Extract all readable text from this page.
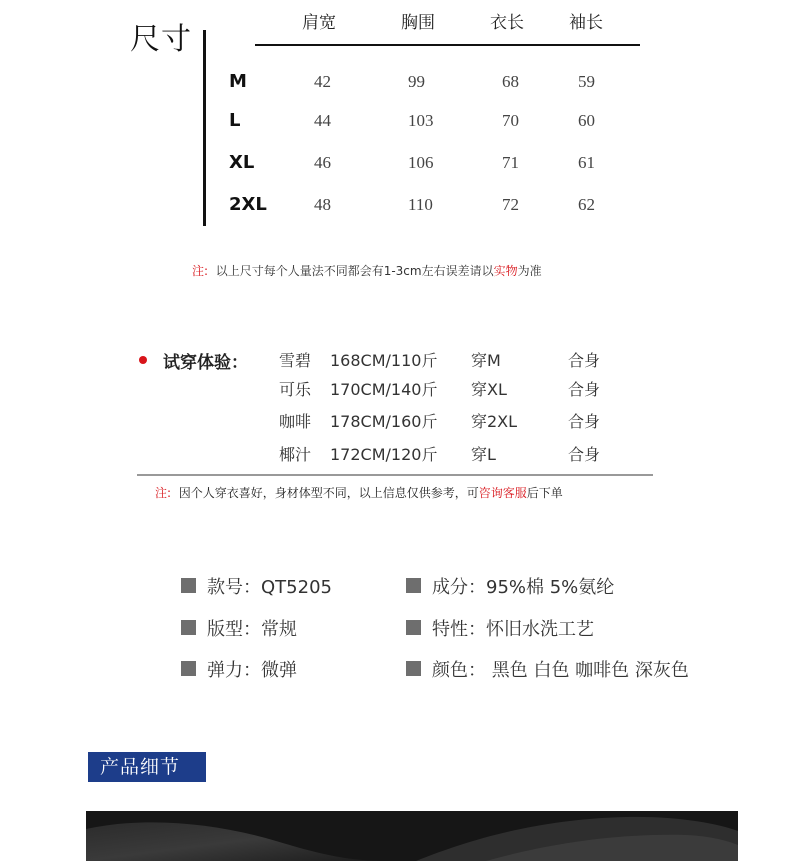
尺寸	肩宽	胸围	衣长	袖长
M	42	99	68	59
L	44	103	70	60
XL	46	106	71	61
2XL	48	110	72	62
注: 以上尺寸每个人量法不同都会有1-3cm左右误差请以实物为准
试穿体验： 雪碧 168CM/110斤 穿M	合身
可乐 170CM/140斤 穿XL	合身
咖啡 178CM/160斤 穿2XL	合身
椰汁 172CM/120斤 穿L	合身
注: 因个人穿衣喜好，身材体型不同，以上信息仅供参考，可咨询客服后下单
款号：QT5205	成分：95%棉 5%氨纶
版型：常规	特性：怀旧水洗工艺
弹力：微弹	颜色： 黑色 白色 咖啡色 深灰色
产品细节
